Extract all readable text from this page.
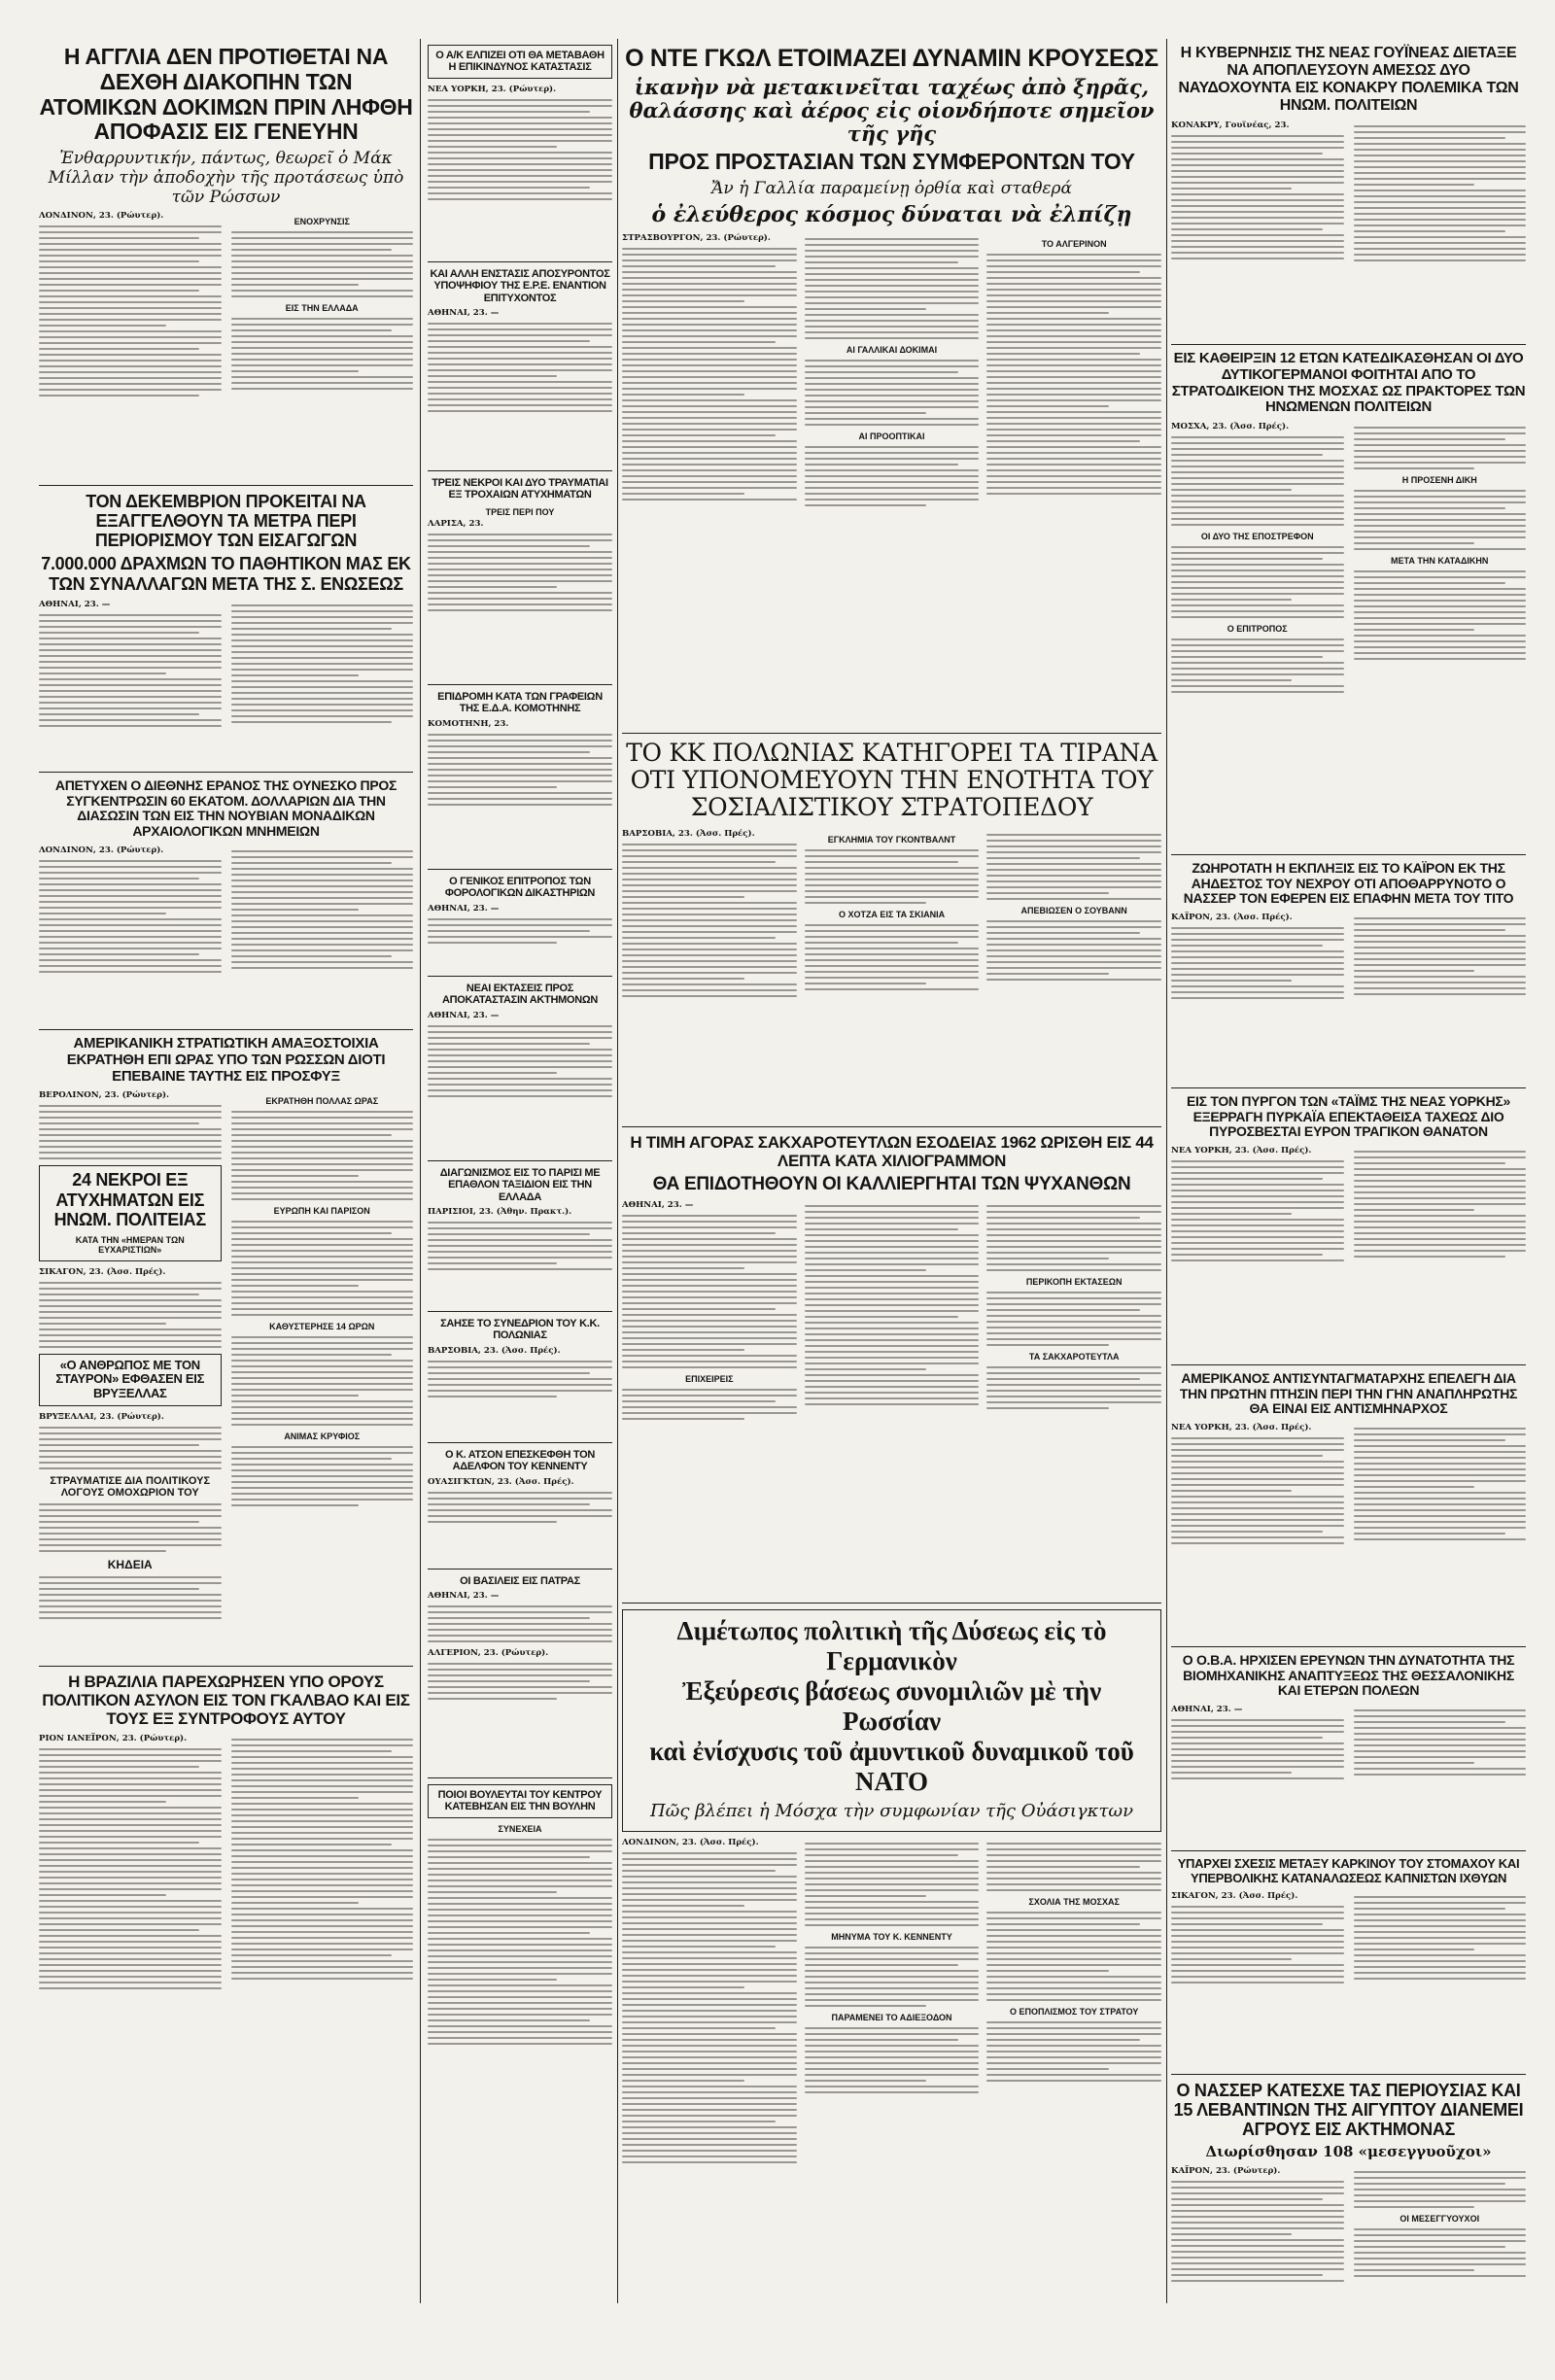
Η ΑΓΓΛΙΑ ΔΕΝ ΠΡΟΤΙΘΕΤΑΙ ΝΑ ΔΕΧΘΗ ΔΙΑΚΟΠΗΝ ΤΩΝ ΑΤΟΜΙΚΩΝ ΔΟΚΙΜΩΝ ΠΡΙΝ ΛΗΦΘΗ ΑΠΟΦΑΣΙΣ ΕΙΣ ΓΕΝΕΥΗΝ
Ἐνθαρρυντικήν, πάντως, θεωρεῖ ὁ Μάκ Μίλλαν τὴν ἀποδοχὴν τῆς προτάσεως ὑπὸ τῶν Ρώσσων
ΛΟΝΔΙΝΟΝ, 23. (Ρώυτερ).
ΕΝΟΧΡΥΝΣΙΣ
ΕΙΣ ΤΗΝ ΕΛΛΑΔΑ
ΤΟΝ ΔΕΚΕΜΒΡΙΟΝ ΠΡΟΚΕΙΤΑΙ ΝΑ ΕΞΑΓΓΕΛΘΟΥΝ ΤΑ ΜΕΤΡΑ ΠΕΡΙ ΠΕΡΙΟΡΙΣΜΟΥ ΤΩΝ ΕΙΣΑΓΩΓΩΝ
7.000.000 ΔΡΑΧΜΩΝ ΤΟ ΠΑΘΗΤΙΚΟΝ ΜΑΣ ΕΚ ΤΩΝ ΣΥΝΑΛΛΑΓΩΝ ΜΕΤΑ ΤΗΣ Σ. ΕΝΩΣΕΩΣ
ΑΘΗΝΑΙ, 23. —
ΑΠΕΤΥΧΕΝ Ο ΔΙΕΘΝΗΣ ΕΡΑΝΟΣ ΤΗΣ ΟΥΝΕΣΚΟ ΠΡΟΣ ΣΥΓΚΕΝΤΡΩΣΙΝ 60 ΕΚΑΤΟΜ. ΔΟΛΛΑΡΙΩΝ ΔΙΑ ΤΗΝ ΔΙΑΣΩΣΙΝ ΤΩΝ ΕΙΣ ΤΗΝ ΝΟΥΒΙΑΝ ΜΟΝΑΔΙΚΩΝ ΑΡΧΑΙΟΛΟΓΙΚΩΝ ΜΝΗΜΕΙΩΝ
ΛΟΝΔΙΝΟΝ, 23. (Ρώυτερ).
ΑΜΕΡΙΚΑΝΙΚΗ ΣΤΡΑΤΙΩΤΙΚΗ ΑΜΑΞΟΣΤΟΙΧΙΑ ΕΚΡΑΤΗΘΗ ΕΠΙ ΩΡΑΣ ΥΠΟ ΤΩΝ ΡΩΣΣΩΝ ΔΙΟΤΙ ΕΠΕΒΑΙΝΕ ΤΑΥΤΗΣ ΕΙΣ ΠΡΟΣΦΥΞ
ΒΕΡΟΛΙΝΟΝ, 23. (Ρώυτερ).
24 ΝΕΚΡΟΙ ΕΞ ΑΤΥΧΗΜΑΤΩΝ ΕΙΣ ΗΝΩΜ. ΠΟΛΙΤΕΙΑΣ
ΚΑΤΑ ΤΗΝ «ΗΜΕΡΑΝ ΤΩΝ ΕΥΧΑΡΙΣΤΙΩΝ»
ΣΙΚΑΓΟΝ, 23. (Ἀσσ. Πρές).
«Ο ΑΝΘΡΩΠΟΣ ΜΕ ΤΟΝ ΣΤΑΥΡΟΝ» ΕΦΘΑΣΕΝ ΕΙΣ ΒΡΥΞΕΛΛΑΣ
ΒΡΥΞΕΛΛΑΙ, 23. (Ρώυτερ).
ΣΤΡΑΥΜΑΤΙΣΕ ΔΙΑ ΠΟΛΙΤΙΚΟΥΣ ΛΟΓΟΥΣ ΟΜΟΧΩΡΙΟΝ ΤΟΥ
ΚΗΔΕΙΑ
ΕΚΡΑΤΗΘΗ ΠΟΛΛΑΣ ΩΡΑΣ
ΕΥΡΩΠΗ ΚΑΙ ΠΑΡΙΣΟΝ
ΚΑΘΥΣΤΕΡΗΣΕ 14 ΩΡΩΝ
ΑΝΙΜΑΣ ΚΡΥΦΙΟΣ
Η ΒΡΑΖΙΛΙΑ ΠΑΡΕΧΩΡΗΣΕΝ ΥΠΟ ΟΡΟΥΣ ΠΟΛΙΤΙΚΟΝ ΑΣΥΛΟΝ ΕΙΣ ΤΟΝ ΓΚΑΛΒΑΟ ΚΑΙ ΕΙΣ ΤΟΥΣ ΕΞ ΣΥΝΤΡΟΦΟΥΣ ΑΥΤΟΥ
ΡΙΟΝ ΙΑΝΕΪΡΟΝ, 23. (Ρώυτερ).
Ο Α/Κ ΕΛΠΙΖΕΙ ΟΤΙ ΘΑ ΜΕΤΑΒΑΘΗ Η ΕΠΙΚΙΝΔΥΝΟΣ ΚΑΤΑΣΤΑΣΙΣ
ΝΕΑ ΥΟΡΚΗ, 23. (Ρώυτερ).
ΚΑΙ ΑΛΛΗ ΕΝΣΤΑΣΙΣ ΑΠΟΣΥΡΟΝΤΟΣ ΥΠΟΨΗΦΙΟΥ ΤΗΣ Ε.Ρ.Ε. ΕΝΑΝΤΙΟΝ ΕΠΙΤΥΧΟΝΤΟΣ
ΑΘΗΝΑΙ, 23. —
ΤΡΕΙΣ ΝΕΚΡΟΙ ΚΑΙ ΔΥΟ ΤΡΑΥΜΑΤΙΑΙ ΕΞ ΤΡΟΧΑΙΩΝ ΑΤΥΧΗΜΑΤΩΝ
ΤΡΕΙΣ ΠΕΡΙ ΠΟΥ
ΛΑΡΙΣΑ, 23.
ΕΠΙΔΡΟΜΗ ΚΑΤΑ ΤΩΝ ΓΡΑΦΕΙΩΝ ΤΗΣ Ε.Δ.Α. ΚΟΜΟΤΗΝΗΣ
ΚΟΜΟΤΗΝΗ, 23.
Ο ΓΕΝΙΚΟΣ ΕΠΙΤΡΟΠΟΣ ΤΩΝ ΦΟΡΟΛΟΓΙΚΩΝ ΔΙΚΑΣΤΗΡΙΩΝ
ΑΘΗΝΑΙ, 23. —
ΝΕΑΙ ΕΚΤΑΣΕΙΣ ΠΡΟΣ ΑΠΟΚΑΤΑΣΤΑΣΙΝ ΑΚΤΗΜΟΝΩΝ
ΑΘΗΝΑΙ, 23. —
ΔΙΑΓΩΝΙΣΜΟΣ ΕΙΣ ΤΟ ΠΑΡΙΣΙ ΜΕ ΕΠΑΘΛΟΝ ΤΑΞΙΔΙΟΝ ΕΙΣ ΤΗΝ ΕΛΛΑΔΑ
ΠΑΡΙΣΙΟΙ, 23. (Ἀθην. Πρακτ.).
ΣΑΗΣΕ ΤΟ ΣΥΝΕΔΡΙΟΝ ΤΟΥ Κ.Κ. ΠΟΛΩΝΙΑΣ
ΒΑΡΣΟΒΙΑ, 23. (Ἀσσ. Πρές).
Ο Κ. ΑΤΣΟΝ ΕΠΕΣΚΕΦΘΗ ΤΟΝ ΑΔΕΛΦΟΝ ΤΟΥ ΚΕΝΝΕΝΤΥ
ΟΥΑΣΙΓΚΤΩΝ, 23. (Ἀσσ. Πρές).
ΟΙ ΒΑΣΙΛΕΙΣ ΕΙΣ ΠΑΤΡΑΣ
ΑΘΗΝΑΙ, 23. —
ΑΛΓΕΡΙΟΝ, 23. (Ρώυτερ).
ΠΟΙΟΙ ΒΟΥΛΕΥΤΑΙ ΤΟΥ ΚΕΝΤΡΟΥ ΚΑΤΕΒΗΣΑΝ ΕΙΣ ΤΗΝ ΒΟΥΛΗΝ
ΣΥΝΕΧΕΙΑ
Ο ΝΤΕ ΓΚΩΛ ΕΤΟΙΜΑΖΕΙ ΔΥΝΑΜΙΝ ΚΡΟΥΣΕΩΣ
ἱκανὴν νὰ μετακινεῖται ταχέως ἀπὸ ξηρᾶς, θαλάσσης καὶ ἀέρος εἰς οἱονδήποτε σημεῖον τῆς γῆς
ΠΡΟΣ ΠΡΟΣΤΑΣΙΑΝ ΤΩΝ ΣΥΜΦΕΡΟΝΤΩΝ ΤΟΥ
Ἄν ἡ Γαλλία παραμείνῃ ὀρθία καὶ σταθερά
ὁ ἐλεύθερος κόσμος δύναται νὰ ἐλπίζῃ
ΣΤΡΑΣΒΟΥΡΓΟΝ, 23. (Ρώυτερ).
ΑΙ ΓΑΛΛΙΚΑΙ ΔΟΚΙΜΑΙ
ΑΙ ΠΡΟΟΠΤΙΚΑΙ
ΤΟ ΑΛΓΕΡΙΝΟΝ
ΤΟ ΚΚ ΠΟΛΩΝΙΑΣ ΚΑΤΗΓΟΡΕΙ ΤΑ ΤΙΡΑΝΑ ΟΤΙ ΥΠΟΝΟΜΕΥΟΥΝ ΤΗΝ ΕΝΟΤΗΤΑ ΤΟΥ ΣΟΣΙΑΛΙΣΤΙΚΟΥ ΣΤΡΑΤΟΠΕΔΟΥ
ΒΑΡΣΟΒΙΑ, 23. (Ἀσσ. Πρές).
ΕΓΚΛΗΜΙΑ ΤΟΥ ΓΚΟΝΤΒΑΛΝΤ
Ο ΧΟΤΖΑ ΕΙΣ ΤΑ ΣΚΙΑΝΙΑ	ΑΠΕΒΙΩΣΕΝ Ο ΣΟΥΒΑΝΝ
Η ΤΙΜΗ ΑΓΟΡΑΣ ΣΑΚΧΑΡΟΤΕΥΤΛΩΝ ΕΣΟΔΕΙΑΣ 1962 ΩΡΙΣΘΗ ΕΙΣ 44 ΛΕΠΤΑ ΚΑΤΑ ΧΙΛΙΟΓΡΑΜΜΟΝ
ΘΑ ΕΠΙΔΟΤΗΘΟΥΝ ΟΙ ΚΑΛΛΙΕΡΓΗΤΑΙ ΤΩΝ ΨΥΧΑΝΘΩΝ
ΑΘΗΝΑΙ, 23. —
ΕΠΙΧΕΙΡΕΙΣ
ΠΕΡΙΚΟΠΗ ΕΚΤΑΣΕΩΝ
ΤΑ ΣΑΚΧΑΡΟΤΕΥΤΛΑ
Διμέτωπος πολιτικὴ τῆς Δύσεως εἰς τὸ Γερμανικὸν
Ἐξεύρεσις βάσεως συνομιλιῶν μὲ τὴν Ρωσσίαν
καὶ ἐνίσχυσις τοῦ ἀμυντικοῦ δυναμικοῦ τοῦ ΝΑΤΟ
Πῶς βλέπει ἡ Μόσχα τὴν συμφωνίαν τῆς Οὐάσιγκτων
ΛΟΝΔΙΝΟΝ, 23. (Ἀσσ. Πρές).
ΜΗΝΥΜΑ ΤΟΥ Κ. ΚΕΝΝΕΝΤΥ
ΠΑΡΑΜΕΝΕΙ ΤΟ ΑΔΙΕΞΟΔΟΝ
ΣΧΟΛΙΑ ΤΗΣ ΜΟΣΧΑΣ
Ο ΕΠΟΠΛΙΣΜΟΣ ΤΟΥ ΣΤΡΑΤΟΥ
Η ΚΥΒΕΡΝΗΣΙΣ ΤΗΣ ΝΕΑΣ ΓΟΥΪΝΕΑΣ ΔΙΕΤΑΞΕ ΝΑ ΑΠΟΠΛΕΥΣΟΥΝ ΑΜΕΣΩΣ ΔΥΟ ΝΑΥΔΟΧΟΥΝΤΑ ΕΙΣ ΚΟΝΑΚΡΥ ΠΟΛΕΜΙΚΑ ΤΩΝ ΗΝΩΜ. ΠΟΛΙΤΕΙΩΝ
ΚΟΝΑΚΡΥ, Γουϊνέας, 23.
ΕΙΣ ΚΑΘΕΙΡΞΙΝ 12 ΕΤΩΝ ΚΑΤΕΔΙΚΑΣΘΗΣΑΝ ΟΙ ΔΥΟ ΔΥΤΙΚΟΓΕΡΜΑΝΟΙ ΦΟΙΤΗΤΑΙ ΑΠΟ ΤΟ ΣΤΡΑΤΟΔΙΚΕΙΟΝ ΤΗΣ ΜΟΣΧΑΣ ΩΣ ΠΡΑΚΤΟΡΕΣ ΤΩΝ ΗΝΩΜΕΝΩΝ ΠΟΛΙΤΕΙΩΝ
ΜΟΣΧΑ, 23. (Ἀσσ. Πρές).
ΟΙ ΔΥΟ ΤΗΣ ΕΠΟΣΤΡΕΦΟΝ
Ο ΕΠΙΤΡΟΠΟΣ
Η ΠΡΟΣΕΝΗ ΔΙΚΗ
ΜΕΤΑ ΤΗΝ ΚΑΤΑΔΙΚΗΝ
ΖΩΗΡΟΤΑΤΗ Η ΕΚΠΛΗΞΙΣ ΕΙΣ ΤΟ ΚΑΪΡΟΝ ΕΚ ΤΗΣ ΑΗΔΕΣΤΟΣ ΤΟΥ ΝΕΧΡΟΥ ΟΤΙ ΑΠΟΘΑΡΡΥΝΟΤΟ Ο ΝΑΣΣΕΡ ΤΟΝ ΕΦΕΡΕΝ ΕΙΣ ΕΠΑΦΗΝ ΜΕΤΑ ΤΟΥ ΤΙΤΟ
ΚΑΪΡΟΝ, 23. (Ἀσσ. Πρές).
ΕΙΣ ΤΟΝ ΠΥΡΓΟΝ ΤΩΝ «ΤΑΪΜΣ ΤΗΣ ΝΕΑΣ ΥΟΡΚΗΣ» ΕΞΕΡΡΑΓΗ ΠΥΡΚΑΪΑ ΕΠΕΚΤΑΘΕΙΣΑ ΤΑΧΕΩΣ ΔΙΟ ΠΥΡΟΣΒΕΣΤΑΙ ΕΥΡΟΝ ΤΡΑΓΙΚΟΝ ΘΑΝΑΤΟΝ
ΝΕΑ ΥΟΡΚΗ, 23. (Ἀσσ. Πρές).
ΑΜΕΡΙΚΑΝΟΣ ΑΝΤΙΣΥΝΤΑΓΜΑΤΑΡΧΗΣ ΕΠΕΛΕΓΗ ΔΙΑ ΤΗΝ ΠΡΩΤΗΝ ΠΤΗΣΙΝ ΠΕΡΙ ΤΗΝ ΓΗΝ ΑΝΑΠΛΗΡΩΤΗΣ ΘΑ ΕΙΝΑΙ ΕΙΣ ΑΝΤΙΣΜΗΝΑΡΧΟΣ
ΝΕΑ ΥΟΡΚΗ, 23. (Ἀσσ. Πρές).
Ο Ο.Β.Α. ΗΡΧΙΣΕΝ ΕΡΕΥΝΩΝ ΤΗΝ ΔΥΝΑΤΟΤΗΤΑ ΤΗΣ ΒΙΟΜΗΧΑΝΙΚΗΣ ΑΝΑΠΤΥΞΕΩΣ ΤΗΣ ΘΕΣΣΑΛΟΝΙΚΗΣ ΚΑΙ ΕΤΕΡΩΝ ΠΟΛΕΩΝ
ΑΘΗΝΑΙ, 23. —
ΥΠΑΡΧΕΙ ΣΧΕΣΙΣ ΜΕΤΑΞΥ ΚΑΡΚΙΝΟΥ ΤΟΥ ΣΤΟΜΑΧΟΥ ΚΑΙ ΥΠΕΡΒΟΛΙΚΗΣ ΚΑΤΑΝΑΛΩΣΕΩΣ ΚΑΠΝΙΣΤΩΝ ΙΧΘΥΩΝ
ΣΙΚΑΓΟΝ, 23. (Ἀσσ. Πρές).
Ο ΝΑΣΣΕΡ ΚΑΤΕΣΧΕ ΤΑΣ ΠΕΡΙΟΥΣΙΑΣ ΚΑΙ 15 ΛΕΒΑΝΤΙΝΩΝ ΤΗΣ ΑΙΓΥΠΤΟΥ ΔΙΑΝΕΜΕΙ ΑΓΡΟΥΣ ΕΙΣ ΑΚΤΗΜΟΝΑΣ
Διωρίσθησαν 108 «μεσεγγυοῦχοι»
ΚΑΪΡΟΝ, 23. (Ρώυτερ).
ΟΙ ΜΕΣΕΓΓΥΟΥΧΟΙ
